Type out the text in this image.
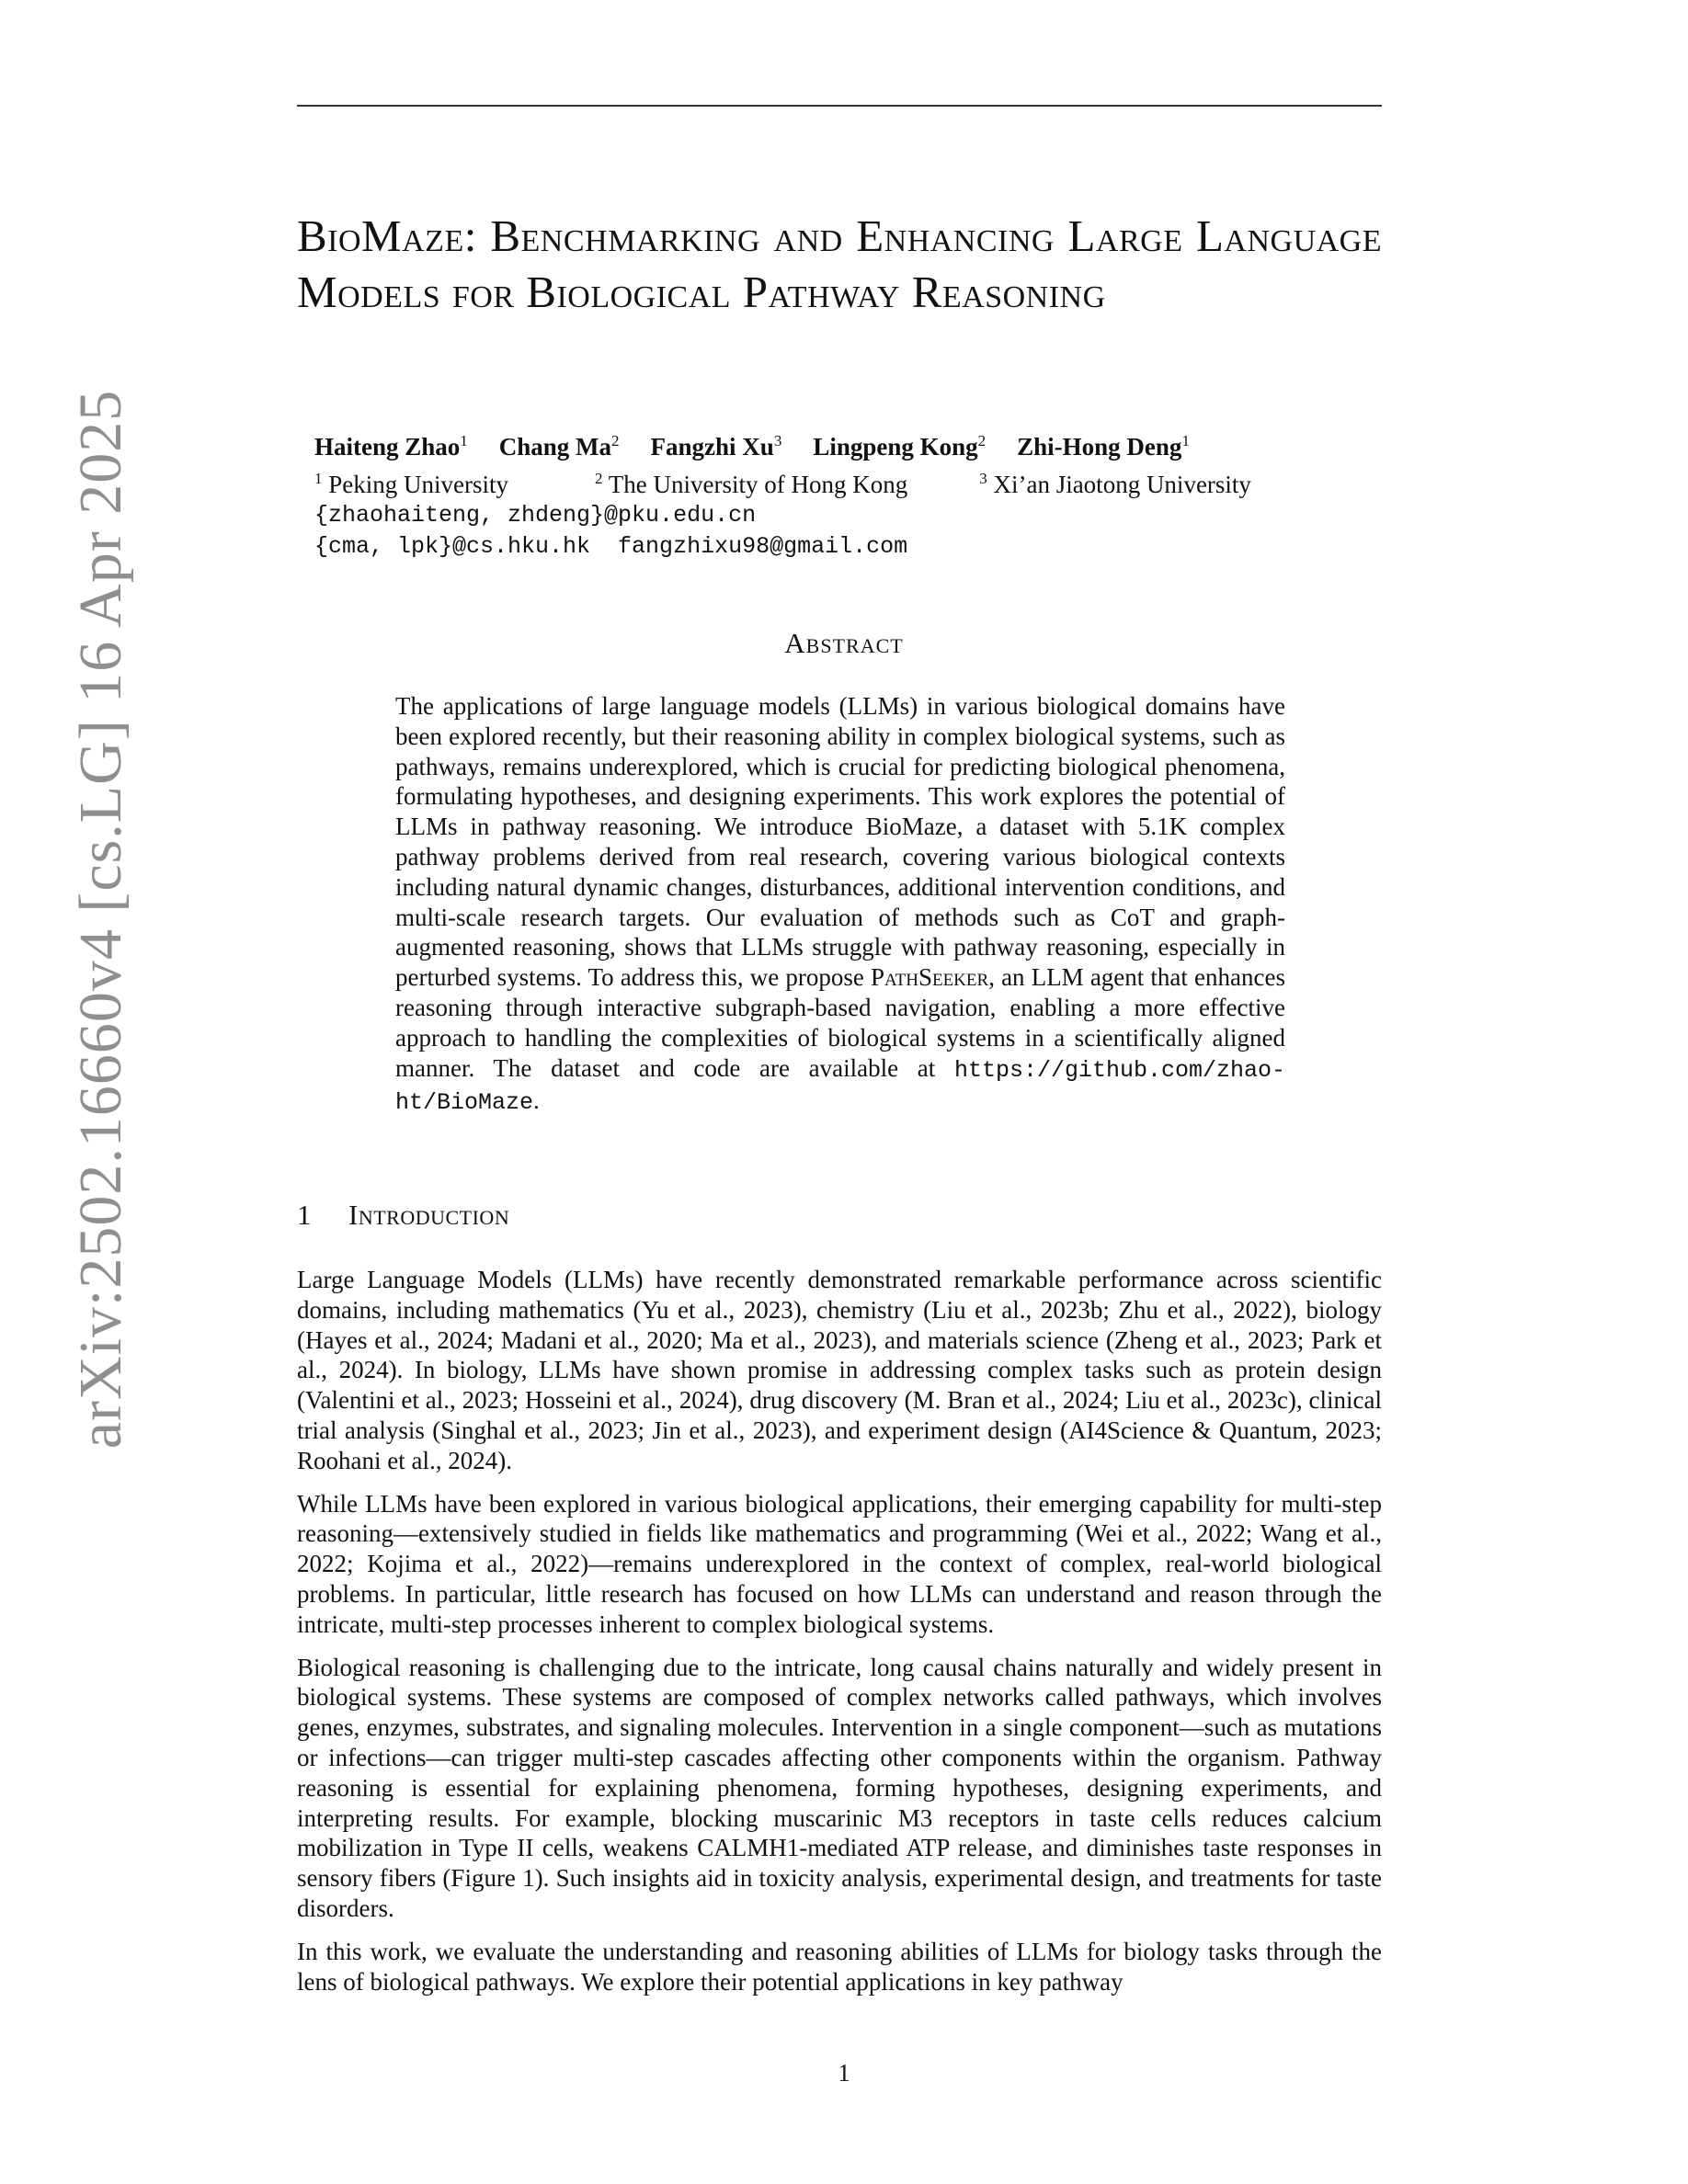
arXiv:2502.16660v4 [cs.LG] 16 Apr 2025
BioMaze: Benchmarking and Enhancing Large Language Models for Biological Pathway Reasoning
Haiteng Zhao$^1$ Chang Ma$^2$ Fangzhi Xu$^3$ Lingpeng Kong$^2$ Zhi-Hong Deng$^1$
$^1$ Peking University	$^2$ The University of Hong Kong	$^3$ Xi’an Jiaotong University
{zhaohaiteng, zhdeng}@pku.edu.cn
{cma, lpk}@cs.hku.hk  fangzhixu98@gmail.com
Abstract

The applications of large language models (LLMs) in various biological domains have been explored recently, but their reasoning ability in complex biological systems, such as pathways, remains underexplored, which is crucial for predicting biological phenomena, formulating hypotheses, and designing experiments. This work explores the potential of LLMs in pathway reasoning. We introduce BioMaze, a dataset with 5.1K complex pathway problems derived from real research, covering various biological contexts including natural dynamic changes, disturbances, additional intervention conditions, and multi-scale research targets. Our evaluation of methods such as CoT and graph-augmented reasoning, shows that LLMs struggle with pathway reasoning, especially in perturbed systems. To address this, we propose PathSeeker, an LLM agent that enhances reasoning through interactive subgraph-based navigation, enabling a more effective approach to handling the complexities of biological systems in a scientifically aligned manner. The dataset and code are available at https://github.com/zhao-ht/BioMaze.

1 Introduction

Large Language Models (LLMs) have recently demonstrated remarkable performance across scientific domains, including mathematics (Yu et al., 2023), chemistry (Liu et al., 2023b; Zhu et al., 2022), biology (Hayes et al., 2024; Madani et al., 2020; Ma et al., 2023), and materials science (Zheng et al., 2023; Park et al., 2024). In biology, LLMs have shown promise in addressing complex tasks such as protein design (Valentini et al., 2023; Hosseini et al., 2024), drug discovery (M. Bran et al., 2024; Liu et al., 2023c), clinical trial analysis (Singhal et al., 2023; Jin et al., 2023), and experiment design (AI4Science & Quantum, 2023; Roohani et al., 2024).

While LLMs have been explored in various biological applications, their emerging capability for multi-step reasoning—extensively studied in fields like mathematics and programming (Wei et al., 2022; Wang et al., 2022; Kojima et al., 2022)—remains underexplored in the context of complex, real-world biological problems. In particular, little research has focused on how LLMs can understand and reason through the intricate, multi-step processes inherent to complex biological systems.

Biological reasoning is challenging due to the intricate, long causal chains naturally and widely present in biological systems. These systems are composed of complex networks called pathways, which involves genes, enzymes, substrates, and signaling molecules. Intervention in a single component—such as mutations or infections—can trigger multi-step cascades affecting other components within the organism. Pathway reasoning is essential for explaining phenomena, forming hypotheses, designing experiments, and interpreting results. For example, blocking muscarinic M3 receptors in taste cells reduces calcium mobilization in Type II cells, weakens CALMH1-mediated ATP release, and diminishes taste responses in sensory fibers (Figure 1). Such insights aid in toxicity analysis, experimental design, and treatments for taste disorders.

In this work, we evaluate the understanding and reasoning abilities of LLMs for biology tasks through the lens of biological pathways. We explore their potential applications in key pathway

1
